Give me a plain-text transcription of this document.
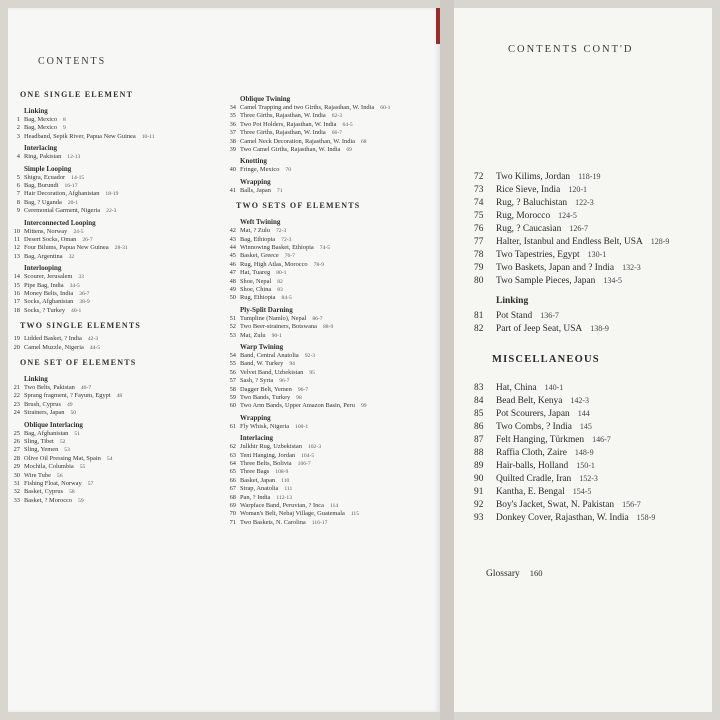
CONTENTS
ONE SINGLE ELEMENT
Linking
1 Bag, Mexico 8
2 Bag, Mexico 9
3 Headband, Sepik River, Papua New Guinea 10-11
Interlacing
4 Ring, Pakistan 12-13
Simple Looping
5 Shigra, Ecuador 14-15
6 Bag, Burundi 16-17
7 Hair Decoration, Afghanistan 18-19
8 Bag, ? Uganda 20-1
9 Ceremonial Garment, Nigeria 22-3
Interconnected Looping
10 Mittens, Norway 24-5
11 Desert Socks, Oman 26-7
12 Four Bilums, Papua New Guinea 28-31
13 Bag, Argentina 32
Interlooping
14 Scourer, Jerusalem 33
15 Pipe Bag, India 34-5
16 Money Belts, India 36-7
17 Socks, Afghanistan 38-9
18 Socks, ? Turkey 40-1
TWO SINGLE ELEMENTS
19 Lidded Basket, ? India 42-3
20 Camel Muzzle, Nigeria 44-5
ONE SET OF ELEMENTS
Linking
21 Two Belts, Pakistan 46-7
22 Sprang fragment, ? Fayum, Egypt 48
23 Brush, Cyprus 49
24 Strainers, Japan 50
Oblique Interlacing
25 Bag, Afghanistan 51
26 Sling, Tibet 52
27 Sling, Yemen 53
28 Olive Oil Pressing Mat, Spain 54
29 Mochila, Columbia 55
30 Wire Tube 56
31 Fishing Float, Norway 57
32 Basket, Cyprus 58
33 Basket, ? Morocco 59
Oblique Twining
34 Camel Trapping and two Girths, Rajasthan, W. India 60-1
35 Three Girths, Rajasthan, W. India 62-3
36 Two Pot Holders, Rajasthan, W. India 64-5
37 Three Girths, Rajasthan, W. India 66-7
38 Camel Neck Decoration, Rajasthan, W. India 68
39 Two Camel Girths, Rajasthan, W. India 69
Knotting
40 Fringe, Mexico 70
Wrapping
41 Balls, Japan 71
TWO SETS OF ELEMENTS
Weft Twining
42 Mat, ? Zulu 72-3
43 Bag, Ethiopia 72-3
44 Winnowing Basket, Ethiopia 74-5
45 Basket, Greece 76-7
46 Rug, High Atlas, Morocco 78-9
47 Hat, Tuareg 80-1
48 Shoe, Nepal 82
49 Shoe, China 83
50 Rug, Ethiopia 84-5
Ply-Split Darning
51 Tumpline (Namlo), Nepal 86-7
52 Two Beer-strainers, Botswana 88-9
53 Mat, Zulu 90-1
Warp Twining
54 Band, Central Anatolia 92-3
55 Band, W. Turkey 94
56 Velvet Band, Uzbekistan 95
57 Sash, ? Syria 96-7
58 Dagger Belt, Yemen 96-7
59 Two Bands, Turkey 98
60 Two Arm Bands, Upper Amazon Basin, Peru 99
Wrapping
61 Fly Whisk, Nigeria 100-1
Interlacing
62 Julkhir Rug, Uzbekistan 102-3
63 Tent Hanging, Jordan 104-5
64 Three Belts, Bolivia 106-7
65 Three Bags 108-9
66 Basket, Japan 110
67 Strap, Anatolia 111
68 Pan, ? India 112-13
69 Warpface Band, Peruvian, ? Inca 114
70 Woman's Belt, Nebaj Village, Guatemala 115
71 Two Baskets, N. Carolina 116-17
CONTENTS CONT'D
72 Two Kilims, Jordan 118-19
73 Rice Sieve, India 120-1
74 Rug, ? Baluchistan 122-3
75 Rug, Morocco 124-5
76 Rug, ? Caucasian 126-7
77 Halter, Istanbul and Endless Belt, USA 128-9
78 Two Tapestries, Egypt 130-1
79 Two Baskets, Japan and ? India 132-3
80 Two Sample Pieces, Japan 134-5
Linking
81 Pot Stand 136-7
82 Part of Jeep Seat, USA 138-9
MISCELLANEOUS
83 Hat, China 140-1
84 Bead Belt, Kenya 142-3
85 Pot Scourers, Japan 144
86 Two Combs, ? India 145
87 Felt Hanging, Türkmen 146-7
88 Raffia Cloth, Zaire 148-9
89 Hair-balls, Holland 150-1
90 Quilted Cradle, Iran 152-3
91 Kantha, E. Bengal 154-5
92 Boy's Jacket, Swat, N. Pakistan 156-7
93 Donkey Cover, Rajasthan, W. India 158-9
Glossary 160
